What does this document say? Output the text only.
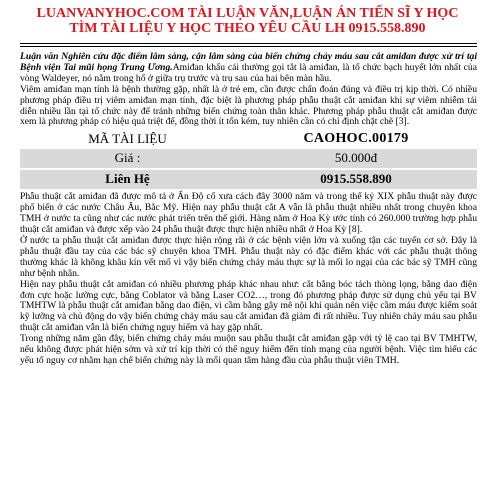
LUANVANYHOC.COM TÀI LUẬN VĂN,LUẬN ÁN TIẾN SĨ Y HỌC
TÌM TÀI LIỆU Y HỌC THEO YÊU CẦU LH 0915.558.890

Luận văn Nghiên cứu đặc điểm lâm sàng, cận lâm sàng của biến chứng chảy máu sau cắt amiđan được xử trí tại Bệnh viện Tai mũi họng Trung Ương.Amiđan khẩu cái thường gọi tắt là amiđan, là tổ chức bạch huyết lớn nhất của vòng Waldeyer, nó nằm trong hố ở giữa trụ trước và trụ sau của hai bên màn hầu.

Viêm amiđan mạn tính là bệnh thường gặp, nhất là ở trẻ em, cần được chẩn đoán đúng và điều trị kịp thời. Có nhiều phương pháp điều trị viêm amiđan mạn tính, đặc biệt là phương pháp phẫu thuật cắt amiđan khi sự viêm nhiễm tái diễn nhiều lần tại tổ chức này để tránh những biến chứng toàn thân khác. Phương pháp phẫu thuật cắt amiđan được xem là phương pháp có hiệu quả triệt để, đồng thời ít tốn kém, tuy nhiên cần có chỉ định chặt chẽ [3].

MÃ TÀI LIỆU	CAOHOC.00179
Giá :	50.000đ

Liên Hệ	0915.558.890

Phẫu thuật cắt amiđan đã được mô tả ở Ấn Độ cổ xưa cách đây 3000 năm và trong thế kỷ XIX phẫu thuật này được phổ biến ở các nước Châu Âu, Bắc Mỹ. Hiện nay phẫu thuật cắt A vẫn là phẫu thuật nhiều nhất trong chuyên khoa TMH ở nước ta cũng như các nước phát triển trên thế giới. Hàng năm ở Hoa Kỳ ước tính có 260.000 trường hợp phẫu thuật cắt amiđan và được xếp vào 24 phẫu thuật được thực hiện nhiều nhất ở Hoa Kỳ [8].

Ở nước ta phẫu thuật cắt amiđan được thực hiện rộng rãi ở các bệnh viện lớn và xuống tận các tuyến cơ sở. Đây là phẫu thuật đầu tay của các bác sỹ chuyên khoa TMH. Phẫu thuật này có đặc điểm khác với các phẫu thuật thông thường khác là không khâu kín vết mổ vì vậy biến chứng chảy máu thực sự là mối lo ngại của các bác sỹ TMH cũng như bệnh nhân.

Hiện nay phẫu thuật cắt amiđan có nhiều phương pháp khác nhau như: cắt bằng bóc tách thòng lọng, bằng dao điện đơn cực hoặc lưỡng cực, bằng Coblator và bằng Laser CO2…, trong đó phương pháp được sử dụng chủ yếu tại BV TMHTW là phẫu thuật cắt amiđan bằng dao điện, vì cầm bằng gây mê nội khí quản nên việc cầm máu được kiểm soát kỹ lưỡng và chủ động do vậy biến chứng chảy máu sau cắt amiđan đã giảm đi rất nhiều. Tuy nhiên chảy máu sau phẫu thuật cắt amiđan vẫn là biến chứng nguy hiểm và hay gặp nhất.

Trong những năm gần đây, biến chứng chảy máu muộn sau phẫu thuật cắt amiđan gặp với tỷ lệ cao tại BV TMHTW, nếu không được phát hiện sớm và xử trí kịp thời có thể nguy hiểm đến tính mạng của người bệnh. Việc tìm hiểu các yếu tố nguy cơ nhằm hạn chế biến chứng này là mối quan tâm hàng đầu của phẫu thuật viên TMH.
